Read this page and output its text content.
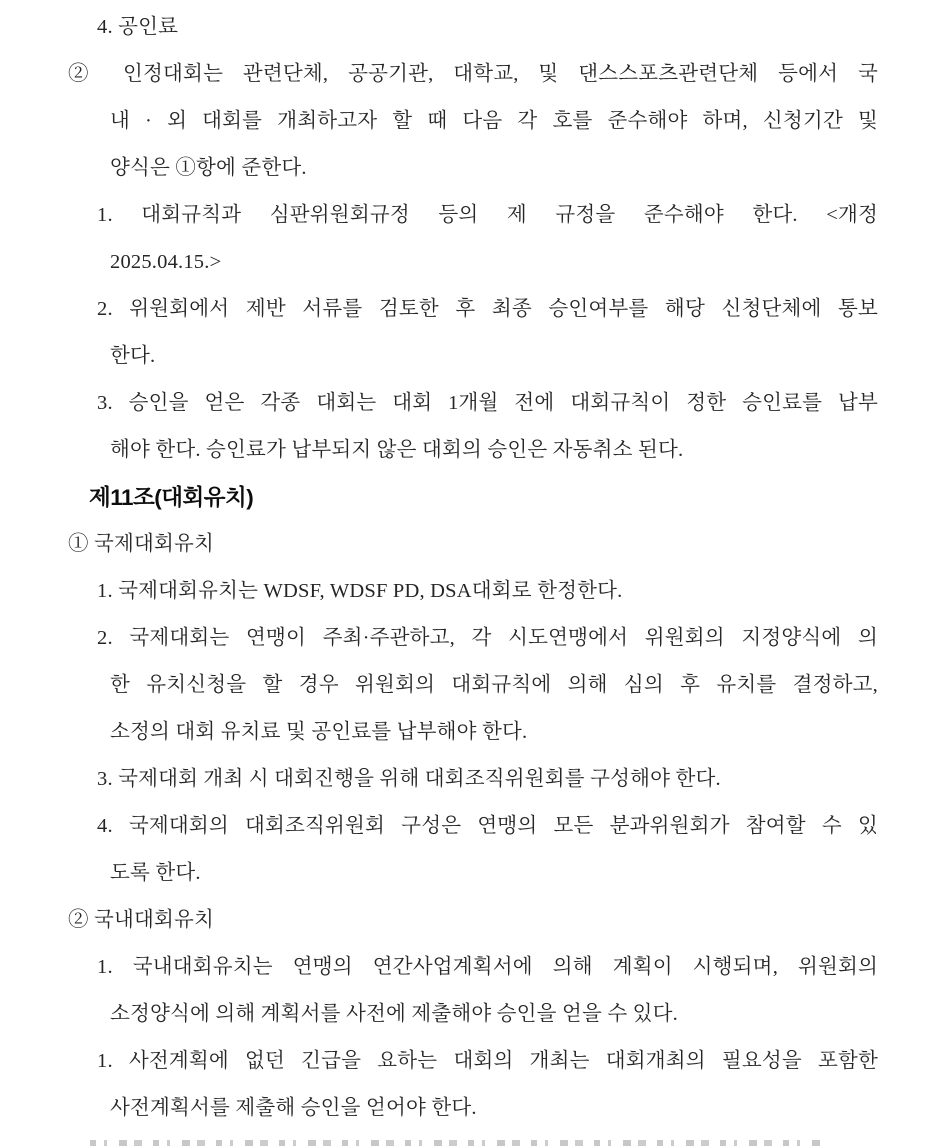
4. 공인료
② 인정대회는 관련단체, 공공기관, 대학교, 및 댄스스포츠관련단체 등에서 국
내 · 외 대회를 개최하고자 할 때 다음 각 호를 준수해야 하며, 신청기간 및
양식은 ①항에 준한다.
1. 대회규칙과 심판위원회규정 등의 제 규정을 준수해야 한다. <개정
2025.04.15.>
2. 위원회에서 제반 서류를 검토한 후 최종 승인여부를 해당 신청단체에 통보
한다.
3. 승인을 얻은 각종 대회는 대회 1개월 전에 대회규칙이 정한 승인료를 납부
해야 한다. 승인료가 납부되지 않은 대회의 승인은 자동취소 된다.
제11조(대회유치)
① 국제대회유치
1. 국제대회유치는 WDSF, WDSF PD, DSA대회로 한정한다.
2. 국제대회는 연맹이 주최·주관하고, 각 시도연맹에서 위원회의 지정양식에 의
한 유치신청을 할 경우 위원회의 대회규칙에 의해 심의 후 유치를 결정하고,
소정의 대회 유치료 및 공인료를 납부해야 한다.
3. 국제대회 개최 시 대회진행을 위해 대회조직위원회를 구성해야 한다.
4. 국제대회의 대회조직위원회 구성은 연맹의 모든 분과위원회가 참여할 수 있
도록 한다.
② 국내대회유치
1. 국내대회유치는 연맹의 연간사업계획서에 의해 계획이 시행되며, 위원회의
소정양식에 의해 계획서를 사전에 제출해야 승인을 얻을 수 있다.
1. 사전계획에 없던 긴급을 요하는 대회의 개최는 대회개최의 필요성을 포함한
사전계획서를 제출해 승인을 얻어야 한다.
